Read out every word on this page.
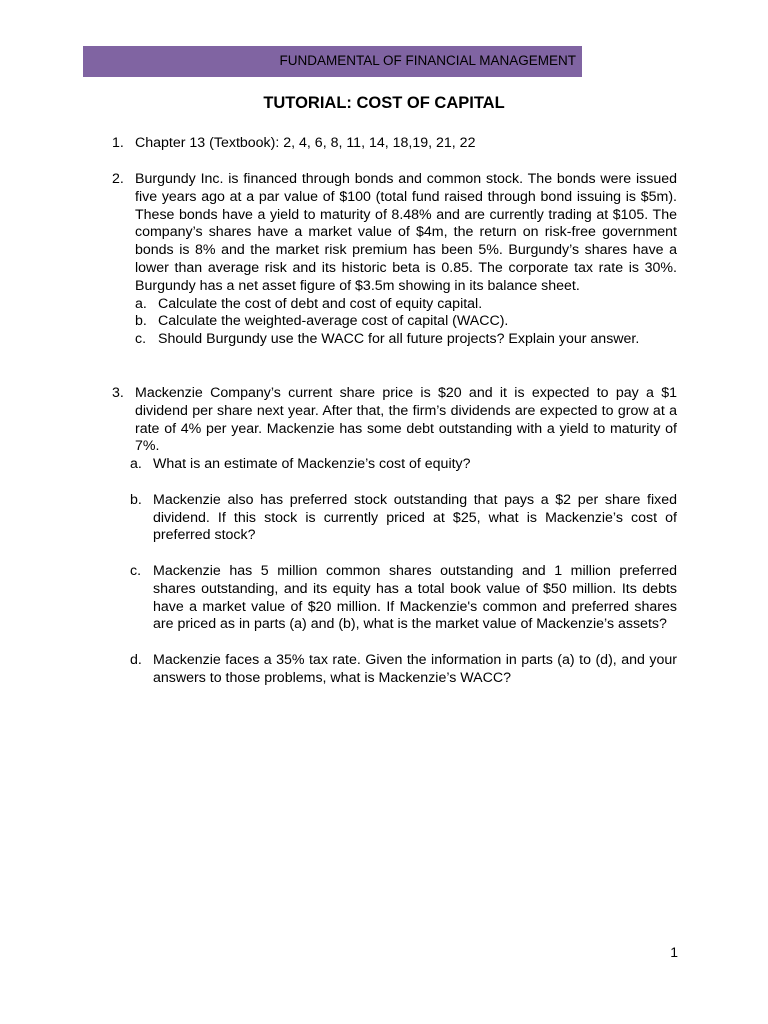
FUNDAMENTAL OF FINANCIAL MANAGEMENT
TUTORIAL: COST OF CAPITAL
1. Chapter 13 (Textbook): 2, 4, 6, 8, 11, 14, 18,19, 21, 22
2. Burgundy Inc. is financed through bonds and common stock. The bonds were issued five years ago at a par value of $100 (total fund raised through bond issuing is $5m). These bonds have a yield to maturity of 8.48% and are currently trading at $105. The company’s shares have a market value of $4m, the return on risk-free government bonds is 8% and the market risk premium has been 5%. Burgundy’s shares have a lower than average risk and its historic beta is 0.85. The corporate tax rate is 30%. Burgundy has a net asset figure of $3.5m showing in its balance sheet.
a. Calculate the cost of debt and cost of equity capital.
b. Calculate the weighted-average cost of capital (WACC).
c. Should Burgundy use the WACC for all future projects? Explain your answer.
3. Mackenzie Company’s current share price is $20 and it is expected to pay a $1 dividend per share next year. After that, the firm’s dividends are expected to grow at a rate of 4% per year. Mackenzie has some debt outstanding with a yield to maturity of 7%.
a. What is an estimate of Mackenzie’s cost of equity?
b. Mackenzie also has preferred stock outstanding that pays a $2 per share fixed dividend. If this stock is currently priced at $25, what is Mackenzie’s cost of preferred stock?
c. Mackenzie has 5 million common shares outstanding and 1 million preferred shares outstanding, and its equity has a total book value of $50 million. Its debts have a market value of $20 million. If Mackenzie's common and preferred shares are priced as in parts (a) and (b), what is the market value of Mackenzie’s assets?
d. Mackenzie faces a 35% tax rate. Given the information in parts (a) to (d), and your answers to those problems, what is Mackenzie’s WACC?
1
